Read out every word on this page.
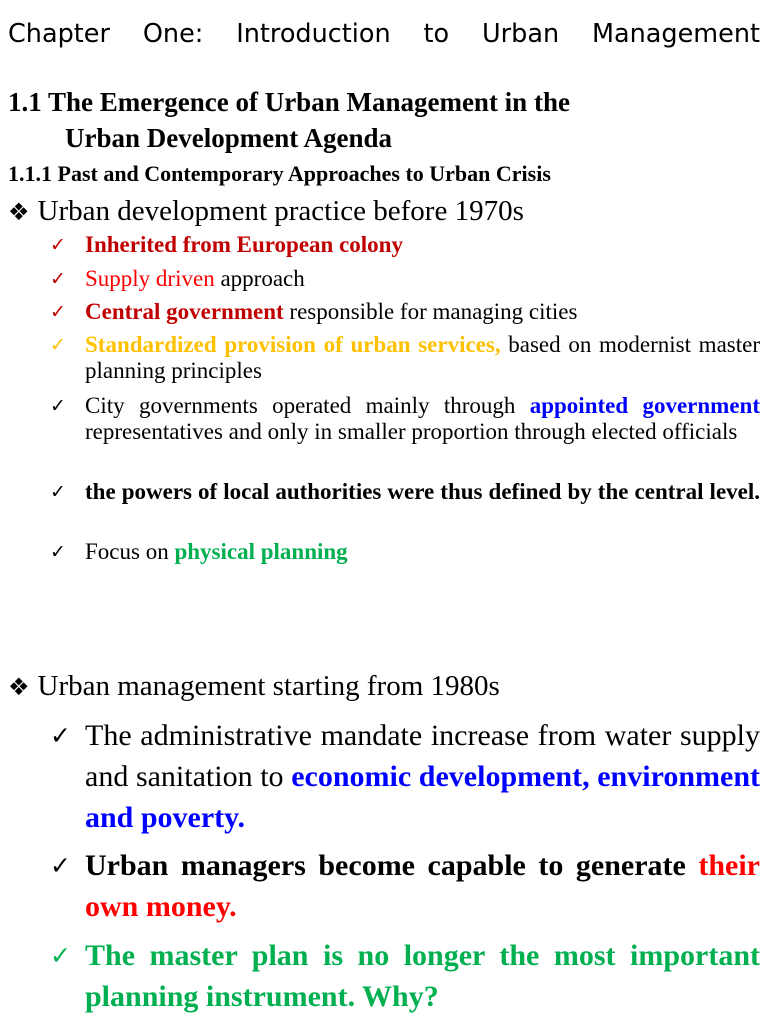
Chapter One: Introduction to Urban Management
1.1 The Emergence of Urban Management in the
Urban Development Agenda
1.1.1 Past and Contemporary Approaches to Urban Crisis
❖ Urban development practice before 1970s
✓ Inherited from European colony
✓ Supply driven approach
✓ Central government responsible for managing cities
✓ Standardized provision of urban services, based on modernist master planning principles
✓ City governments operated mainly through appointed government representatives and only in smaller proportion through elected officials
✓ the powers of local authorities were thus defined by the central level.
✓ Focus on physical planning
❖ Urban management starting from 1980s
✓ The administrative mandate increase from water supply and sanitation to economic development, environment and poverty.
✓ Urban managers become capable to generate their own money.
✓ The master plan is no longer the most important planning instrument. Why?
